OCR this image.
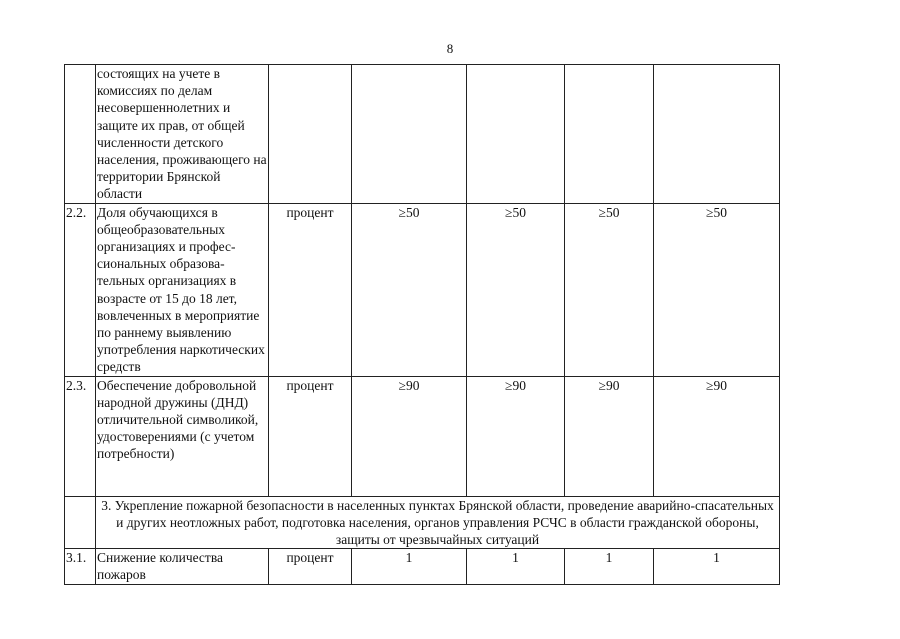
8
	состоящих на учете в комиссиях по делам несовершеннолетних и защите их прав, от общей численности детского населения, проживающего на территории Брянской области					
2.2.	Доля обучающихся в общеобразовательных организациях и профес-сиональных образова-тельных организациях в возрасте от 15 до 18 лет, вовлеченных в мероприятие по раннему выявлению употребления наркотических средств	процент	≥50	≥50	≥50	≥50
2.3.	Обеспечение добровольной народной дружины (ДНД) отличительной символикой, удостоверениями (с учетом потребности)	процент	≥90	≥90	≥90	≥90
	3. Укрепление пожарной безопасности в населенных пунктах Брянской области, проведение аварийно-спасательных и других неотложных работ, подготовка населения, органов управления РСЧС в области гражданской обороны, защиты от чрезвычайных ситуаций					
3.1.	Снижение количества пожаров	процент	1	1	1	1
